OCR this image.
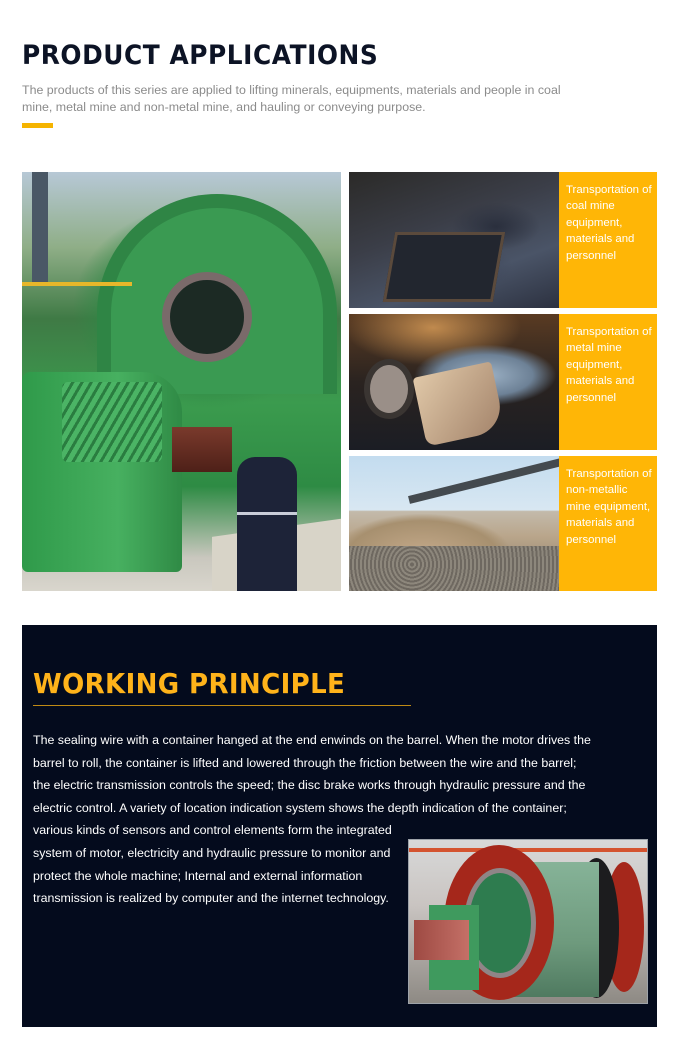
PRODUCT APPLICATIONS

The products of this series are applied to lifting minerals, equipments, materials and people in coal mine, metal mine and non-metal mine, and hauling or conveying purpose.

Transportation of coal mine equipment, materials and personnel
Transportation of metal mine equipment, materials and personnel
Transportation of non-metallic mine equipment, materials and personnel
WORKING PRINCIPLE
The sealing wire with a container hanged at the end enwinds on the barrel. When the motor drives the barrel to roll, the container is lifted and lowered through the friction between the wire and the barrel; the electric transmission controls the speed; the disc brake works through hydraulic pressure and the electric control. A variety of location indication system shows the depth indication of the container;
various kinds of sensors and control elements form the integrated system of motor, electricity and hydraulic pressure to monitor and protect the whole machine; Internal and external information transmission is realized by computer and the internet technology.
